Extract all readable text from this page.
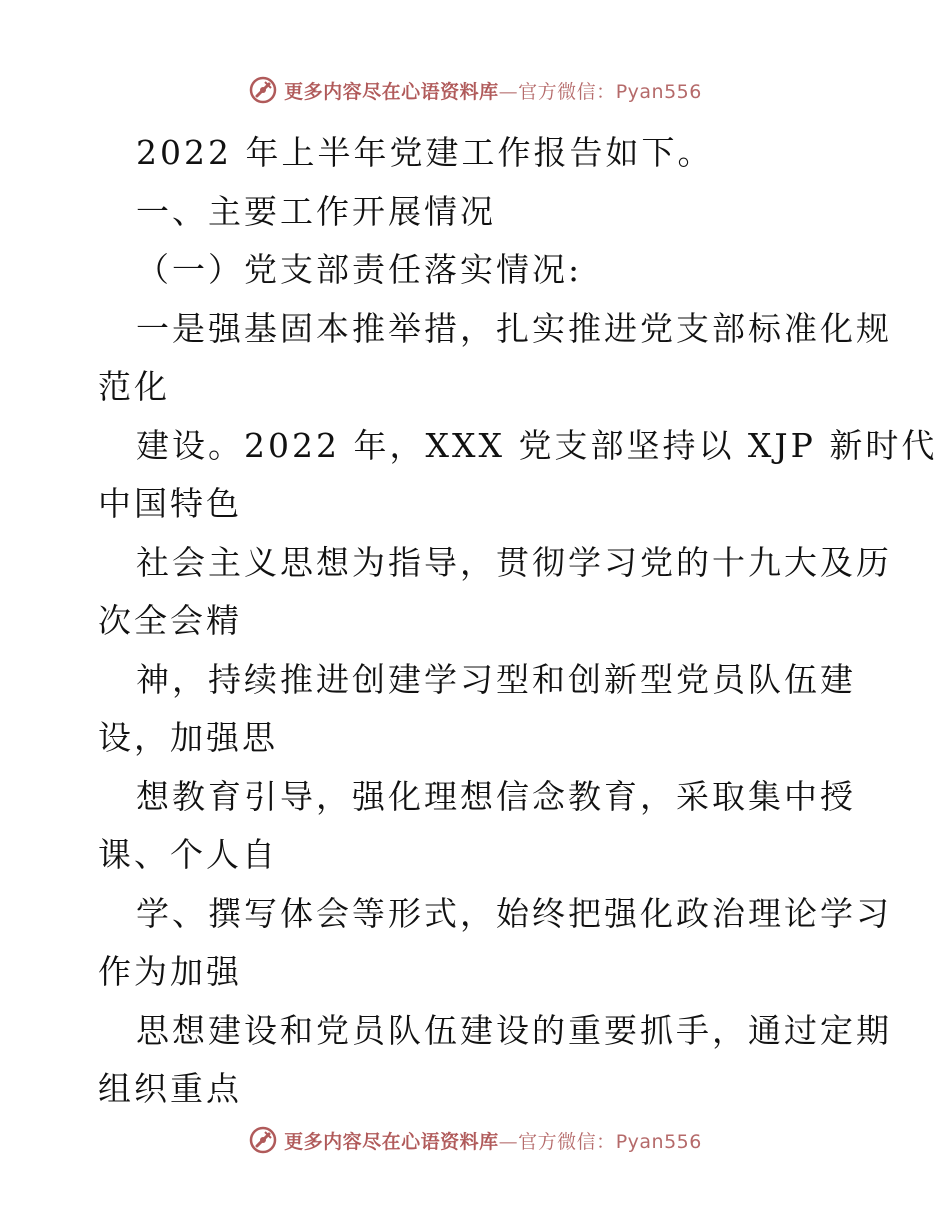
更多内容尽在心语资料库—官方微信：Pyan556
2022 年上半年党建工作报告如下。
一、主要工作开展情况
（一）党支部责任落实情况:
一是强基固本推举措，扎实推进党支部标准化规
范化
建设。2022 年，XXX 党支部坚持以 XJP 新时代
中国特色
社会主义思想为指导，贯彻学习党的十九大及历
次全会精
神，持续推进创建学习型和创新型党员队伍建
设，加强思
想教育引导，强化理想信念教育，采取集中授
课、个人自
学、撰写体会等形式，始终把强化政治理论学习
作为加强
思想建设和党员队伍建设的重要抓手，通过定期
组织重点
更多内容尽在心语资料库—官方微信：Pyan556
